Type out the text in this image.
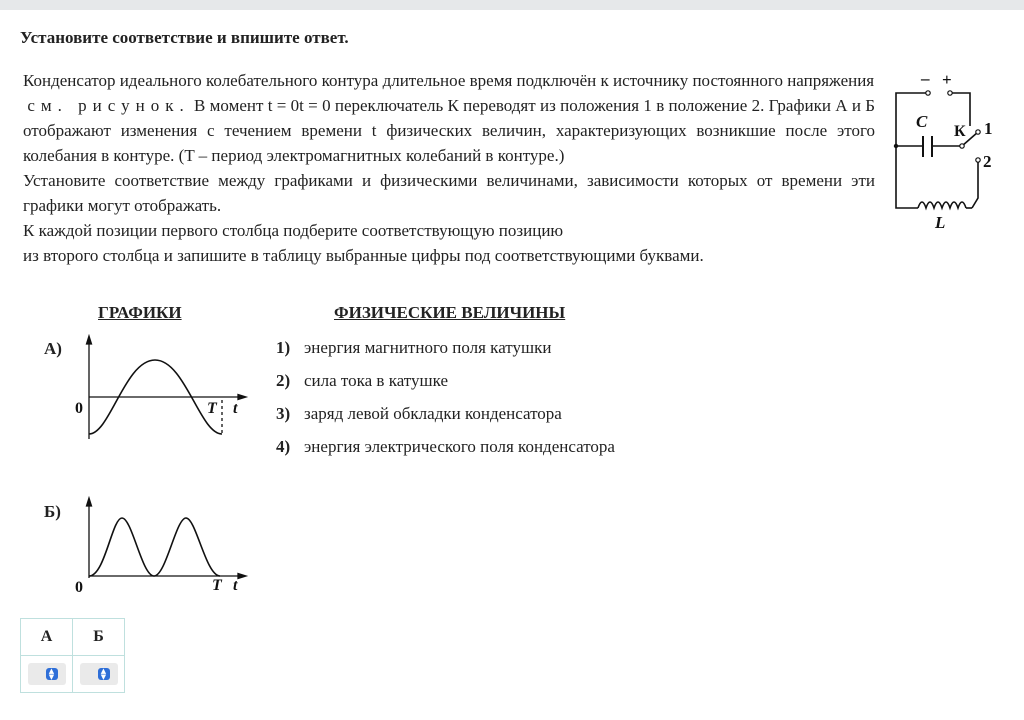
Установите соответствие и впишите ответ.

Конденсатор идеального колебательного контура длительное время подключён к источнику постоянного напряжения

см. рисунок. В момент t = 0t = 0 переключатель К переводят из положения 1 в положение 2. Графики А и Б отображают изменения с течением времени t физических величин, характеризующих возникшие после этого колебания в контуре. (T – период электромагнитных колебаний в контуре.)

Установите соответствие между графиками и физическими величинами, зависимости которых от времени эти графики могут отображать.

К каждой позиции первого столбца подберите соответствующую позицию

из второго столбца и запишите в таблицу выбранные цифры под соответствующими буквами.

– +
C
К 1
2
L
ГРАФИКИ	ФИЗИЧЕСКИЕ ВЕЛИЧИНЫ
А)
Б)
0	T t
0	T t
1) энергия магнитного поля катушки
2) сила тока в катушке
3) заряд левой обкладки конденсатора
4) энергия электрического поля конденсатора
А	Б

▲
▼	▲
▼
